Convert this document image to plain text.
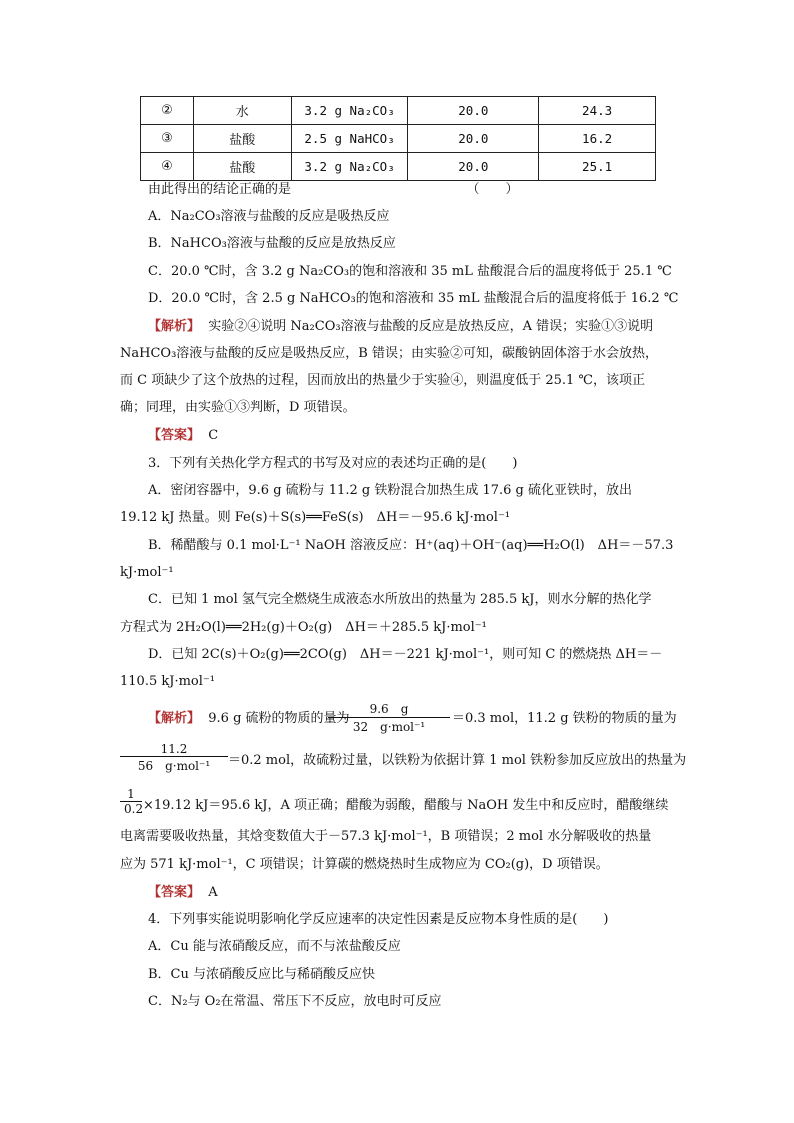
②	水	3.2 g Na₂CO₃	20.0	24.3
③	盐酸	2.5 g NaHCO₃	20.0	16.2
④	盐酸	3.2 g Na₂CO₃	20.0	25.1
由此得出的结论正确的是　　　　　　　　　　　　　　（　　）
A．Na₂CO₃溶液与盐酸的反应是吸热反应
B．NaHCO₃溶液与盐酸的反应是放热反应
C．20.0 ℃时，含 3.2 g Na₂CO₃的饱和溶液和 35 mL 盐酸混合后的温度将低于 25.1 ℃
D．20.0 ℃时，含 2.5 g NaHCO₃的饱和溶液和 35 mL 盐酸混合后的温度将低于 16.2 ℃
【解析】 实验②④说明 Na₂CO₃溶液与盐酸的反应是放热反应，A 错误；实验①③说明
NaHCO₃溶液与盐酸的反应是吸热反应，B 错误；由实验②可知，碳酸钠固体溶于水会放热，
而 C 项缺少了这个放热的过程，因而放出的热量少于实验④，则温度低于 25.1 ℃，该项正
确；同理，由实验①③判断，D 项错误。
【答案】 C
3．下列有关热化学方程式的书写及对应的表述均正确的是(　　)
A．密闭容器中，9.6 g 硫粉与 11.2 g 铁粉混合加热生成 17.6 g 硫化亚铁时，放出
19.12 kJ 热量。则 Fe(s)＋S(s)══FeS(s)　ΔH＝－95.6 kJ·mol⁻¹
B．稀醋酸与 0.1 mol·L⁻¹ NaOH 溶液反应：H⁺(aq)＋OH⁻(aq)══H₂O(l)　ΔH＝－57.3
kJ·mol⁻¹
C．已知 1 mol 氢气完全燃烧生成液态水所放出的热量为 285.5 kJ，则水分解的热化学
方程式为 2H₂O(l)══2H₂(g)＋O₂(g)　ΔH＝＋285.5 kJ·mol⁻¹
D．已知 2C(s)＋O₂(g)══2CO(g)　ΔH＝－221 kJ·mol⁻¹，则可知 C 的燃烧热 ΔH＝－
110.5 kJ·mol⁻¹
【解析】 9.6 g 硫粉的物质的量为
9.6　g
32　g·mol⁻¹
＝0.3 mol，11.2 g 铁粉的物质的量为
11.2
56　g·mol⁻¹	＝0.2 mol，故硫粉过量，以铁粉为依据计算 1 mol 铁粉参加反应放出的热量为
$\frac{1}{0.2} \times 19.12$ kJ＝95.6 kJ，A 项正确；醋酸为弱酸，醋酸与 NaOH 发生中和反应时，醋酸继续
电离需要吸收热量，其焓变数值大于－57.3 kJ·mol⁻¹，B 项错误；2 mol 水分解吸收的热量
应为 571 kJ·mol⁻¹，C 项错误；计算碳的燃烧热时生成物应为 CO₂(g)，D 项错误。
【答案】 A
4．下列事实能说明影响化学反应速率的决定性因素是反应物本身性质的是(　　)
A．Cu 能与浓硝酸反应，而不与浓盐酸反应
B．Cu 与浓硝酸反应比与稀硝酸反应快
C．N₂与 O₂在常温、常压下不反应，放电时可反应
